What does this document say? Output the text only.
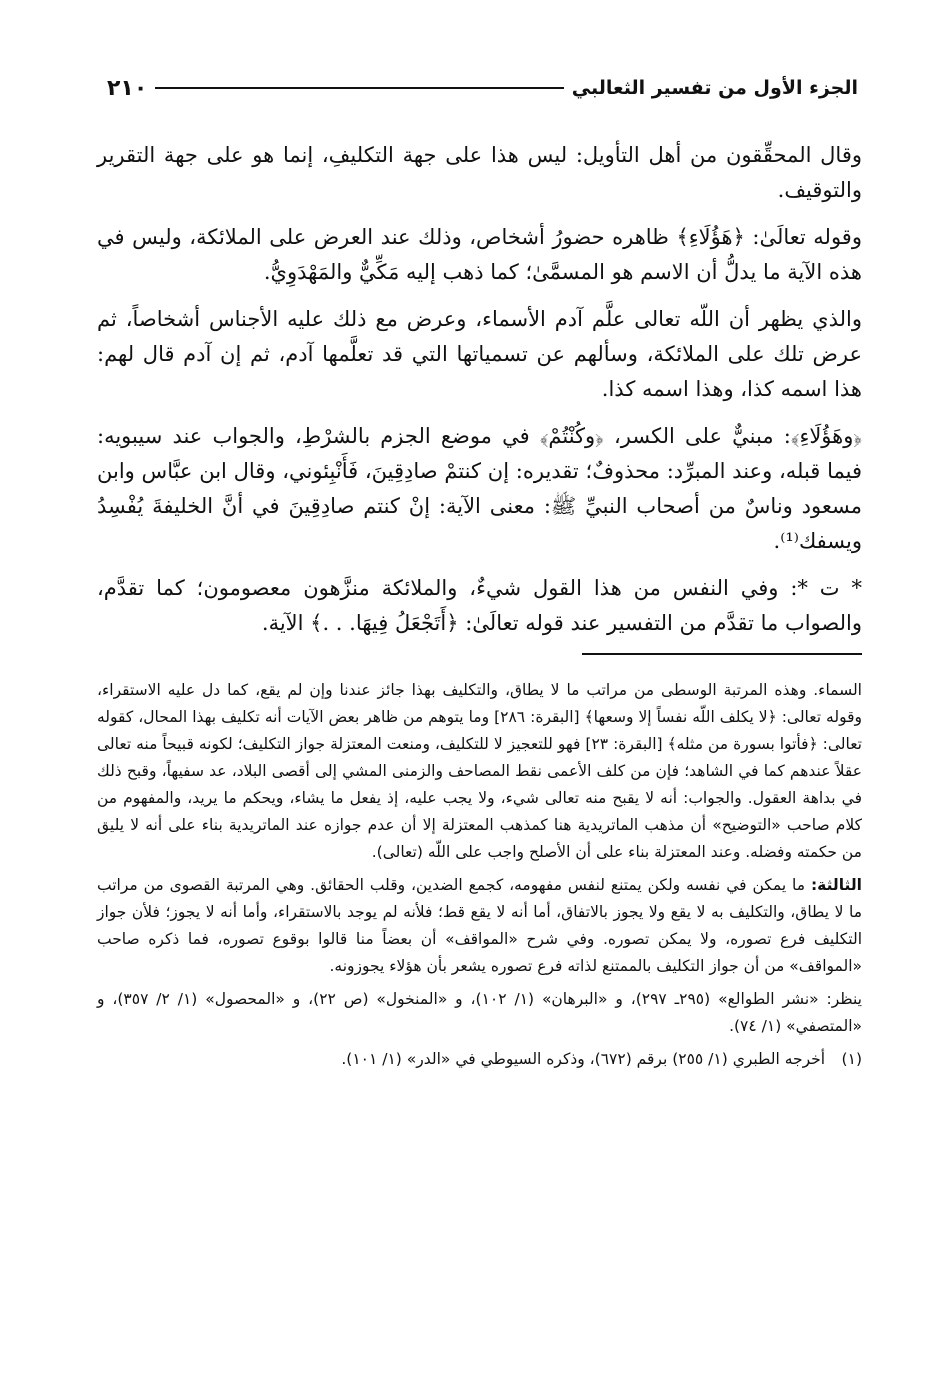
الجزء الأول من تفسير الثعالبي
٢١٠

وقال المحقِّقون من أهل التأويل: ليس هذا على جهة التكليفِ، إنما هو على جهة التقرير والتوقيف.

وقوله تعالَىٰ: ﴿هَؤُلَاءِ﴾ ظاهره حضورُ أشخاص، وذلك عند العرض على الملائكة، وليس في هذه الآية ما يدلُّ أن الاسم هو المسمَّىٰ؛ كما ذهب إليه مَكِّيٌّ والمَهْدَوِيُّ.

والذي يظهر أن اللّه تعالى علَّم آدم الأسماء، وعرض مع ذلك عليه الأجناس أشخاصاً، ثم عرض تلك على الملائكة، وسألهم عن تسمياتها التي قد تعلَّمها آدم، ثم إن آدم قال لهم: هذا اسمه كذا، وهذا اسمه كذا.

﴿وهَؤُلَاءِ﴾: مبنيٌّ على الكسر، ﴿وكُنْتُمْ﴾ في موضع الجزم بالشرْطِ، والجواب عند سيبويه: فيما قبله، وعند المبرِّد: محذوفٌ؛ تقديره: إن كنتمْ صادِقِينَ، فَأَنْبِئوني، وقال ابن عبَّاس وابن مسعود وناسٌ من أصحاب النبيِّ ﷺ: معنى الآية: إنْ كنتم صادِقِينَ في أنَّ الخليفةَ يُفْسِدُ ويسفك⁽¹⁾.

* ت *: وفي النفس من هذا القول شيءٌ، والملائكة منزَّهون معصومون؛ كما تقدَّم، والصواب ما تقدَّم من التفسير عند قوله تعالَىٰ: ﴿أَتَجْعَلُ فِيهَا. . .﴾ الآية.

السماء. وهذه المرتبة الوسطى من مراتب ما لا يطاق، والتكليف بهذا جائز عندنا وإن لم يقع، كما دل عليه الاستقراء، وقوله تعالى: ﴿لا يكلف اللّه نفساً إلا وسعها﴾ [البقرة: ٢٨٦] وما يتوهم من ظاهر بعض الآيات أنه تكليف بهذا المحال، كقوله تعالى: ﴿فأتوا بسورة من مثله﴾ [البقرة: ٢٣] فهو للتعجيز لا للتكليف، ومنعت المعتزلة جواز التكليف؛ لكونه قبيحاً منه تعالى عقلاً عندهم كما في الشاهد؛ فإن من كلف الأعمى نقط المصاحف والزمنى المشي إلى أقصى البلاد، عد سفيهاً، وقبح ذلك في بداهة العقول. والجواب: أنه لا يقبح منه تعالى شيء، ولا يجب عليه، إذ يفعل ما يشاء، ويحكم ما يريد، والمفهوم من كلام صاحب «التوضيح» أن مذهب الماتريدية هنا كمذهب المعتزلة إلا أن عدم جوازه عند الماتريدية بناء على أنه لا يليق من حكمته وفضله. وعند المعتزلة بناء على أن الأصلح واجب على اللّه (تعالى).

الثالثة: ما يمكن في نفسه ولكن يمتنع لنفس مفهومه، كجمع الضدين، وقلب الحقائق. وهي المرتبة القصوى من مراتب ما لا يطاق، والتكليف به لا يقع ولا يجوز بالاتفاق، أما أنه لا يقع قط؛ فلأنه لم يوجد بالاستقراء، وأما أنه لا يجوز؛ فلأن جواز التكليف فرع تصوره، ولا يمكن تصوره. وفي شرح «المواقف» أن بعضاً منا قالوا بوقوع تصوره، فما ذكره صاحب «المواقف» من أن جواز التكليف بالممتنع لذاته فرع تصوره يشعر بأن هؤلاء يجوزونه.

ينظر: «نشر الطوالع» (٢٩٥ـ ٢٩٧)، و «البرهان» (١/ ١٠٢)، و «المنخول» (ص ٢٢)، و «المحصول» (١/ ٢/ ٣٥٧)، و «المتصفي» (١/ ٧٤).

(١) أخرجه الطبري (١/ ٢٥٥) برقم (٦٧٢)، وذكره السيوطي في «الدر» (١/ ١٠١).
